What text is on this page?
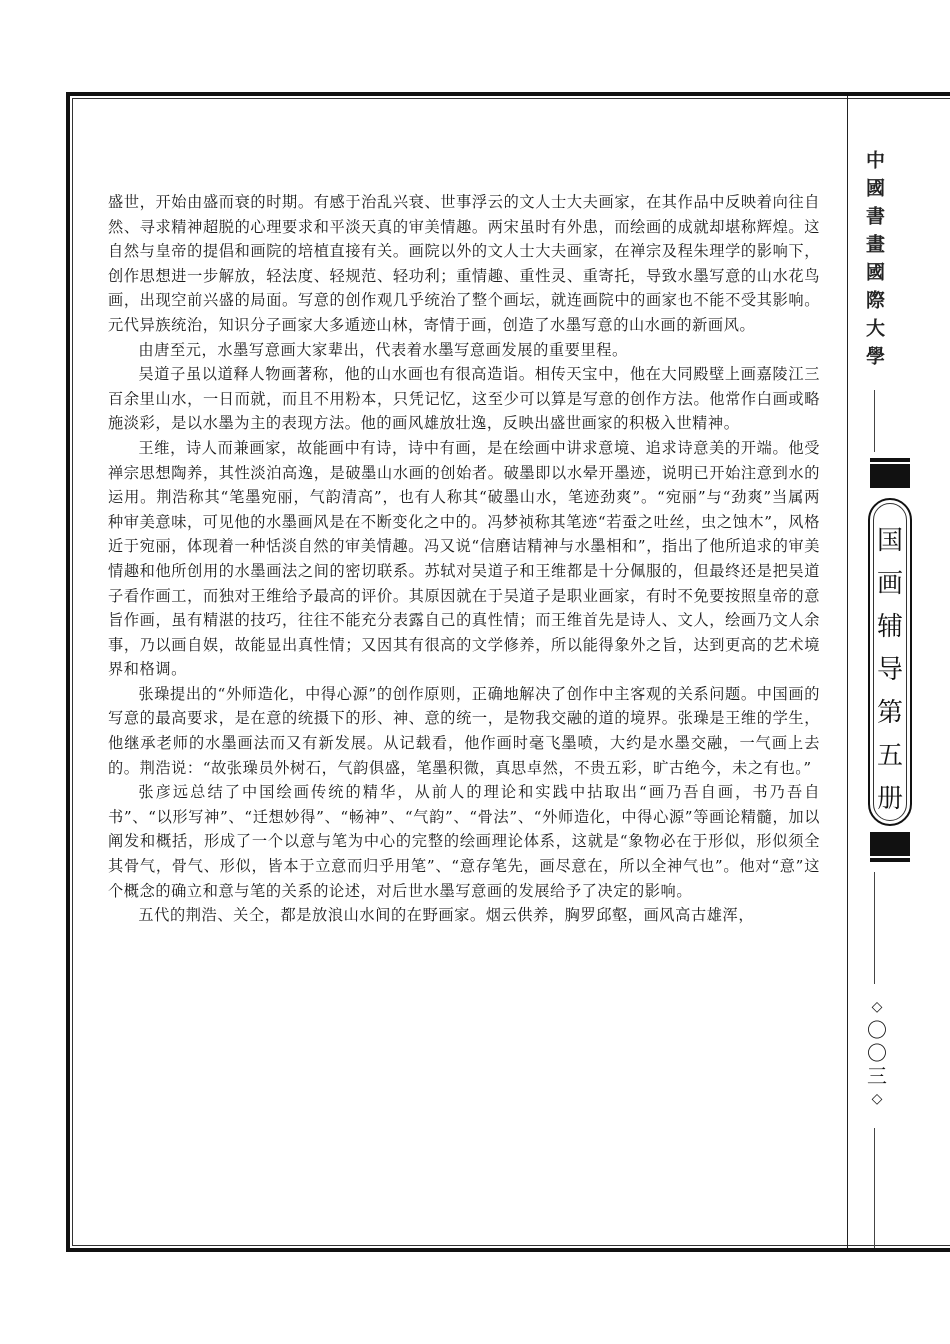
中國書畫國際大學
国
画
辅
导
第
五
册
◇
〇
〇
三
◇

盛世，开始由盛而衰的时期。有感于治乱兴衰、世事浮云的文人士大夫画家，在其作品中反映着向往自然、寻求精神超脱的心理要求和平淡天真的审美情趣。两宋虽时有外患，而绘画的成就却堪称辉煌。这自然与皇帝的提倡和画院的培植直接有关。画院以外的文人士大夫画家，在禅宗及程朱理学的影响下，创作思想进一步解放，轻法度、轻规范、轻功利；重情趣、重性灵、重寄托，导致水墨写意的山水花鸟画，出现空前兴盛的局面。写意的创作观几乎统治了整个画坛，就连画院中的画家也不能不受其影响。元代异族统治，知识分子画家大多遁迹山林，寄情于画，创造了水墨写意的山水画的新画风。

由唐至元，水墨写意画大家辈出，代表着水墨写意画发展的重要里程。

吴道子虽以道释人物画著称，他的山水画也有很高造诣。相传天宝中，他在大同殿壁上画嘉陵江三百余里山水，一日而就，而且不用粉本，只凭记忆，这至少可以算是写意的创作方法。他常作白画或略施淡彩，是以水墨为主的表现方法。他的画风雄放壮逸，反映出盛世画家的积极入世精神。

王维，诗人而兼画家，故能画中有诗，诗中有画，是在绘画中讲求意境、追求诗意美的开端。他受禅宗思想陶养，其性淡泊高逸，是破墨山水画的创始者。破墨即以水晕开墨迹，说明已开始注意到水的运用。荆浩称其“笔墨宛丽，气韵清高”，也有人称其“破墨山水，笔迹劲爽”。“宛丽”与“劲爽”当属两种审美意味，可见他的水墨画风是在不断变化之中的。冯梦祯称其笔迹“若蚕之吐丝，虫之蚀木”，风格近于宛丽，体现着一种恬淡自然的审美情趣。冯又说“信磨诘精神与水墨相和”，指出了他所追求的审美情趣和他所创用的水墨画法之间的密切联系。苏轼对吴道子和王维都是十分佩服的，但最终还是把吴道子看作画工，而独对王维给予最高的评价。其原因就在于吴道子是职业画家，有时不免要按照皇帝的意旨作画，虽有精湛的技巧，往往不能充分表露自己的真性情；而王维首先是诗人、文人，绘画乃文人余事，乃以画自娱，故能显出真性情；又因其有很高的文学修养，所以能得象外之旨，达到更高的艺术境界和格调。

张璪提出的“外师造化，中得心源”的创作原则，正确地解决了创作中主客观的关系问题。中国画的写意的最高要求，是在意的统摄下的形、神、意的统一，是物我交融的道的境界。张璪是王维的学生，他继承老师的水墨画法而又有新发展。从记载看，他作画时毫飞墨喷，大约是水墨交融，一气画上去的。荆浩说：“故张璪员外树石，气韵俱盛，笔墨积微，真思卓然，不贵五彩，旷古绝今，未之有也。”

张彦远总结了中国绘画传统的精华，从前人的理论和实践中拈取出“画乃吾自画，书乃吾自书”、“以形写神”、“迁想妙得”、“畅神”、“气韵”、“骨法”、“外师造化，中得心源”等画论精髓，加以阐发和概括，形成了一个以意与笔为中心的完整的绘画理论体系，这就是“象物必在于形似，形似须全其骨气，骨气、形似，皆本于立意而归乎用笔”、“意存笔先，画尽意在，所以全神气也”。他对“意”这个概念的确立和意与笔的关系的论述，对后世水墨写意画的发展给予了决定的影响。

五代的荆浩、关仝，都是放浪山水间的在野画家。烟云供养，胸罗邱壑，画风高古雄浑，
